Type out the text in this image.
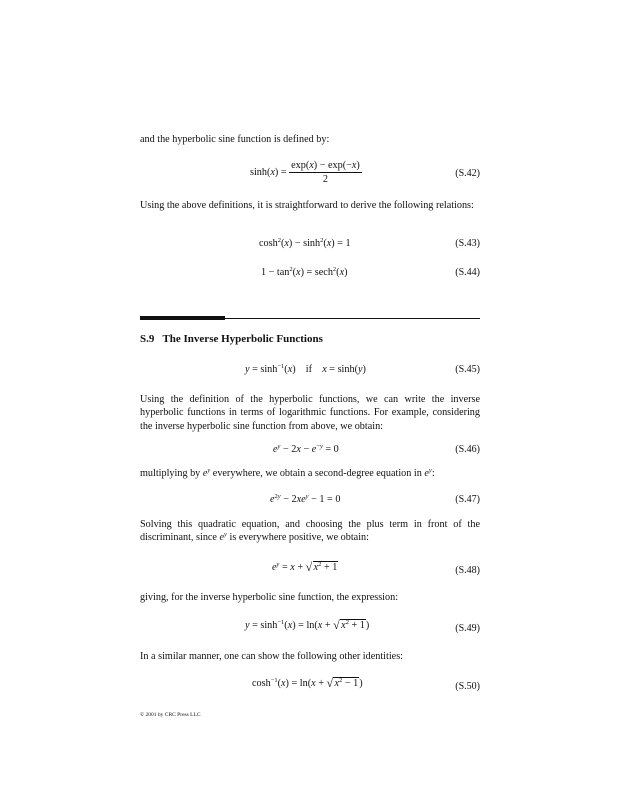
and the hyperbolic sine function is defined by:
$\sinh(x) = \frac{\exp(x) - \exp(-x)}{2}$	(S.42)
Using the above definitions, it is straightforward to derive the following relations:
$\cosh^2(x) - \sinh^2(x) = 1$	(S.43)
$1 - \tan^2(x) = \sec h^2(x)$	(S.44)
S.9 The Inverse Hyperbolic Functions
$y = \sinh^{-1}(x)$    if    x = sinh(y)	(S.45)
Using the definition of the hyperbolic functions, we can write the inverse hyperbolic functions in terms of logarithmic functions. For example, considering the inverse hyperbolic sine function from above, we obtain:
$e^y - 2x - e^{-y} = 0$	(S.46)
multiplying by $e^y$ everywhere, we obtain a second-degree equation in $e^y$:
$e^{2y} - 2xe^y - 1 = 0$	(S.47)
Solving this quadratic equation, and choosing the plus term in front of the discriminant, since $e^y$ is everywhere positive, we obtain:
$e^y = x$ + √ $x^2 + 1$	(S.48)
giving, for the inverse hyperbolic sine function, the expression:
$y = \sinh^{-1}(x) = \ln(x$ + √ $x^2 + 1$)	(S.49)
In a similar manner, one can show the following other identities:
$\cosh^{-1}(x) = \ln(x$ + √ $x^2 - 1$)	(S.50)
© 2001 by CRC Press LLC
